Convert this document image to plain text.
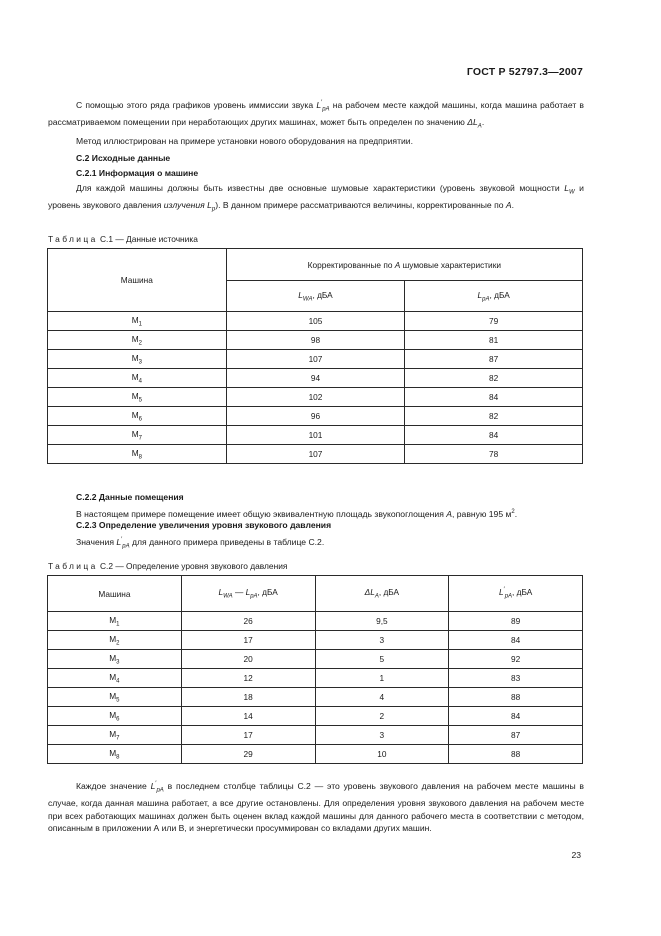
ГОСТ Р 52797.3—2007
С помощью этого ряда графиков уровень иммиссии звука $L'_{pA}$ на рабочем месте каждой машины, когда машина работает в рассматриваемом помещении при неработающих других машинах, может быть определен по значению $\Delta L_A$.
Метод иллюстрирован на примере установки нового оборудования на предприятии.
С.2 Исходные данные
С.2.1 Информация о машине
Для каждой машины должны быть известны две основные шумовые характеристики (уровень звуковой мощности $L_W$ и уровень звукового давления излучения $L_p$). В данном примере рассматриваются величины, корректированные по А.
Таблица С.1 — Данные источника
Машина	Корректированные по А шумовые характеристики	
	$L_{WA}$, дБА	$L_{pA}$, дБА
$М_1$	105	79
$М_2$	98	81
$М_3$	107	87
$М_4$	94	82
$М_5$	102	84
$М_6$	96	82
$М_7$	101	84
$М_8$	107	78
С.2.2 Данные помещения
В настоящем примере помещение имеет общую эквивалентную площадь звукопоглощения А, равную 195 $м^2$.
С.2.3 Определение увеличения уровня звукового давления
Значения $L'_{pA}$ для данного примера приведены в таблице С.2.
Таблица С.2 — Определение уровня звукового давления
Машина	$L_{WA}$ — $L_{pA}$, дБА	$\Delta L_A$, дБА	$L'_{pA}$, дБА
$М_1$	26	9,5	89
$М_2$	17	3	84
$М_3$	20	5	92
$М_4$	12	1	83
$М_5$	18	4	88
$М_6$	14	2	84
$М_7$	17	3	87
$М_8$	29	10	88
Каждое значение $L'_{pA}$ в последнем столбце таблицы С.2 — это уровень звукового давления на рабочем месте машины в случае, когда данная машина работает, а все другие остановлены. Для определения уровня звукового давления на рабочем месте при всех работающих машинах должен быть оценен вклад каждой машины для данного рабочего места в соответствии с методом, описанным в приложении А или В, и энергетически просуммирован со вкладами других машин.
23
